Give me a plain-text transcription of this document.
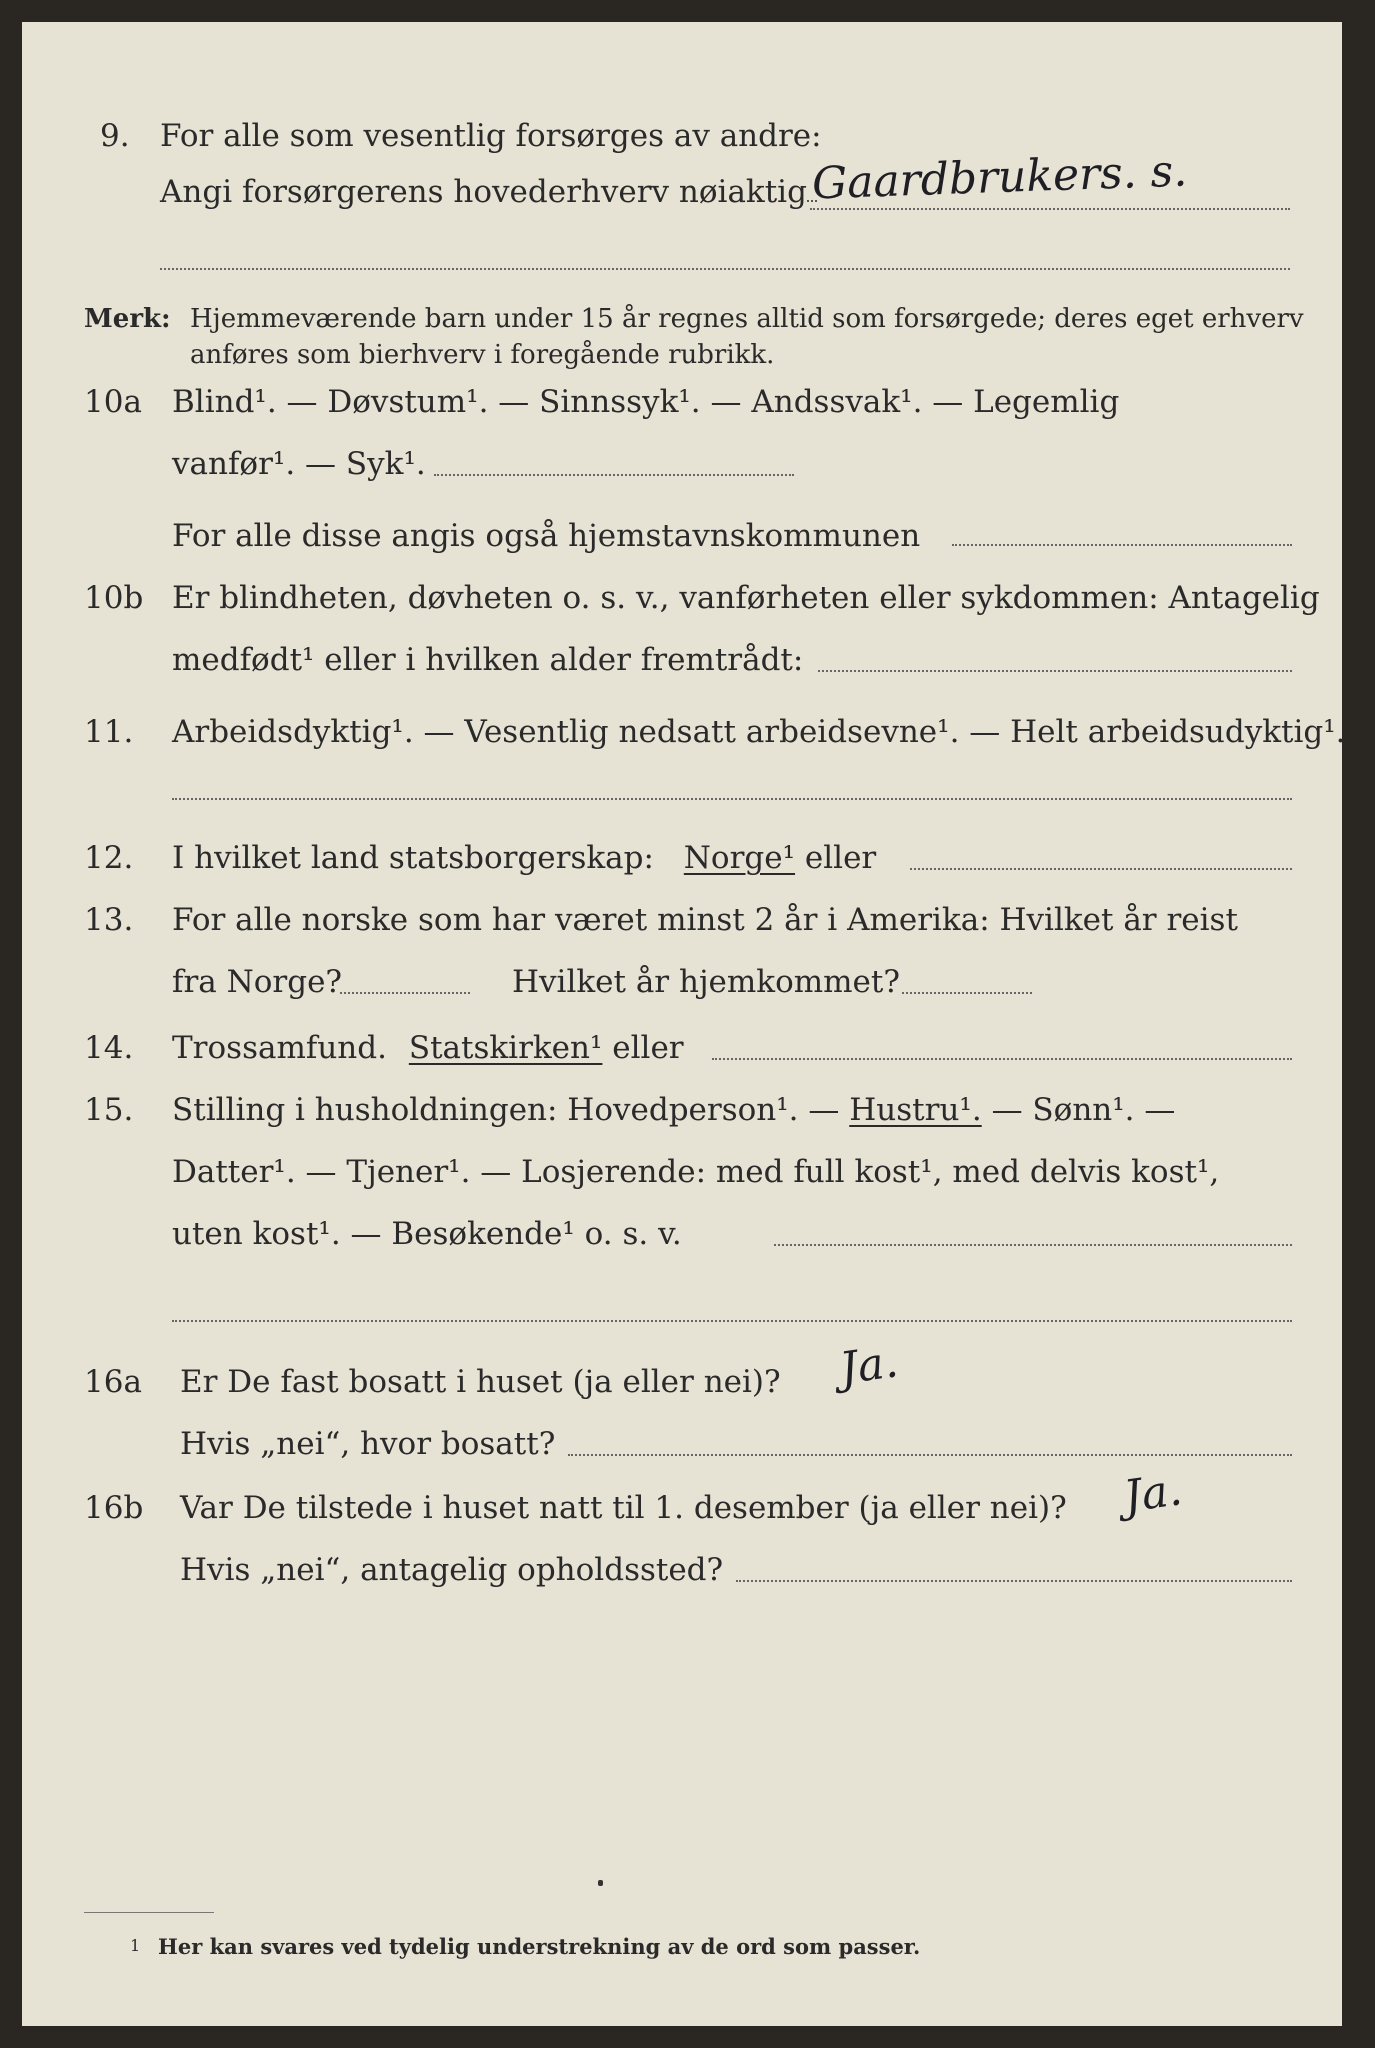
9. For alle som vesentlig forsørges av andre:
Angi forsørgerens hovederhverv nøiaktig Gaardbrukers. s.
Merk: Hjemmeværende barn under 15 år regnes alltid som forsørgede; deres eget erhverv
anføres som bierhverv i foregående rubrikk.
10a Blind¹. — Døvstum¹. — Sinnssyk¹. — Andssvak¹. — Legemlig
vanfør¹. — Syk¹.
For alle disse angis også hjemstavnskommunen
10b Er blindheten, døvheten o. s. v., vanførheten eller sykdommen: Antagelig
medfødt¹ eller i hvilken alder fremtrådt:
11. Arbeidsdyktig¹. — Vesentlig nedsatt arbeidsevne¹. — Helt arbeidsudyktig¹.
12. I hvilket land statsborgerskap: Norge¹ eller
13. For alle norske som har været minst 2 år i Amerika: Hvilket år reist
fra Norge?	Hvilket år hjemkommet?
14. Trossamfund. Statskirken¹ eller
15. Stilling i husholdningen: Hovedperson¹. — Hustru¹. — Sønn¹. —
Datter¹. — Tjener¹. — Losjerende: med full kost¹, med delvis kost¹,
uten kost¹. — Besøkende¹ o. s. v.
16a Er De fast bosatt i huset (ja eller nei)? Ja.
Hvis „nei“, hvor bosatt?
16b Var De tilstede i huset natt til 1. desember (ja eller nei)? Ja.
Hvis „nei“, antagelig opholdssted?
1 Her kan svares ved tydelig understrekning av de ord som passer.
